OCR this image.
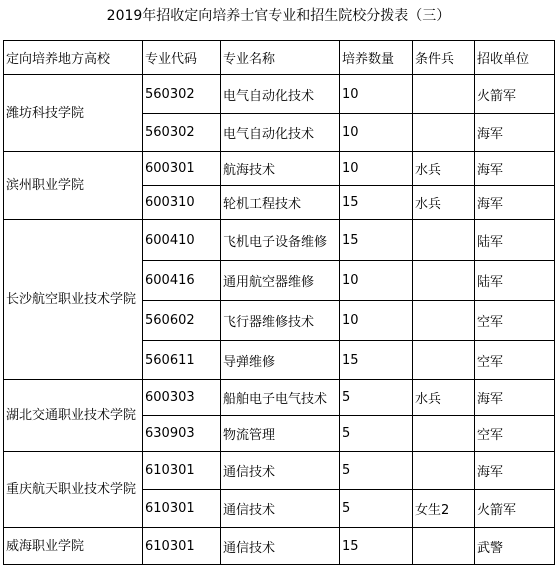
2019年招收定向培养士官专业和招生院校分拨表（三）
定向培养地方高校	专业代码	专业名称	培养数量	条件兵	招收单位
潍坊科技学院	560302	电气自动化技术	10		火箭军
	560302	电气自动化技术	10		海军
滨州职业学院	600301	航海技术	10	水兵	海军
	600310	轮机工程技术	15	水兵	海军
长沙航空职业技术学院	600410	飞机电子设备维修	15		陆军
	600416	通用航空器维修	10		陆军
	560602	飞行器维修技术	10		空军
	560611	导弹维修	15		空军
湖北交通职业技术学院	600303	船舶电子电气技术	5	水兵	海军
	630903	物流管理	5		空军
重庆航天职业技术学院	610301	通信技术	5		海军
	610301	通信技术	5	女生2	火箭军
威海职业学院	610301	通信技术	15		武警
